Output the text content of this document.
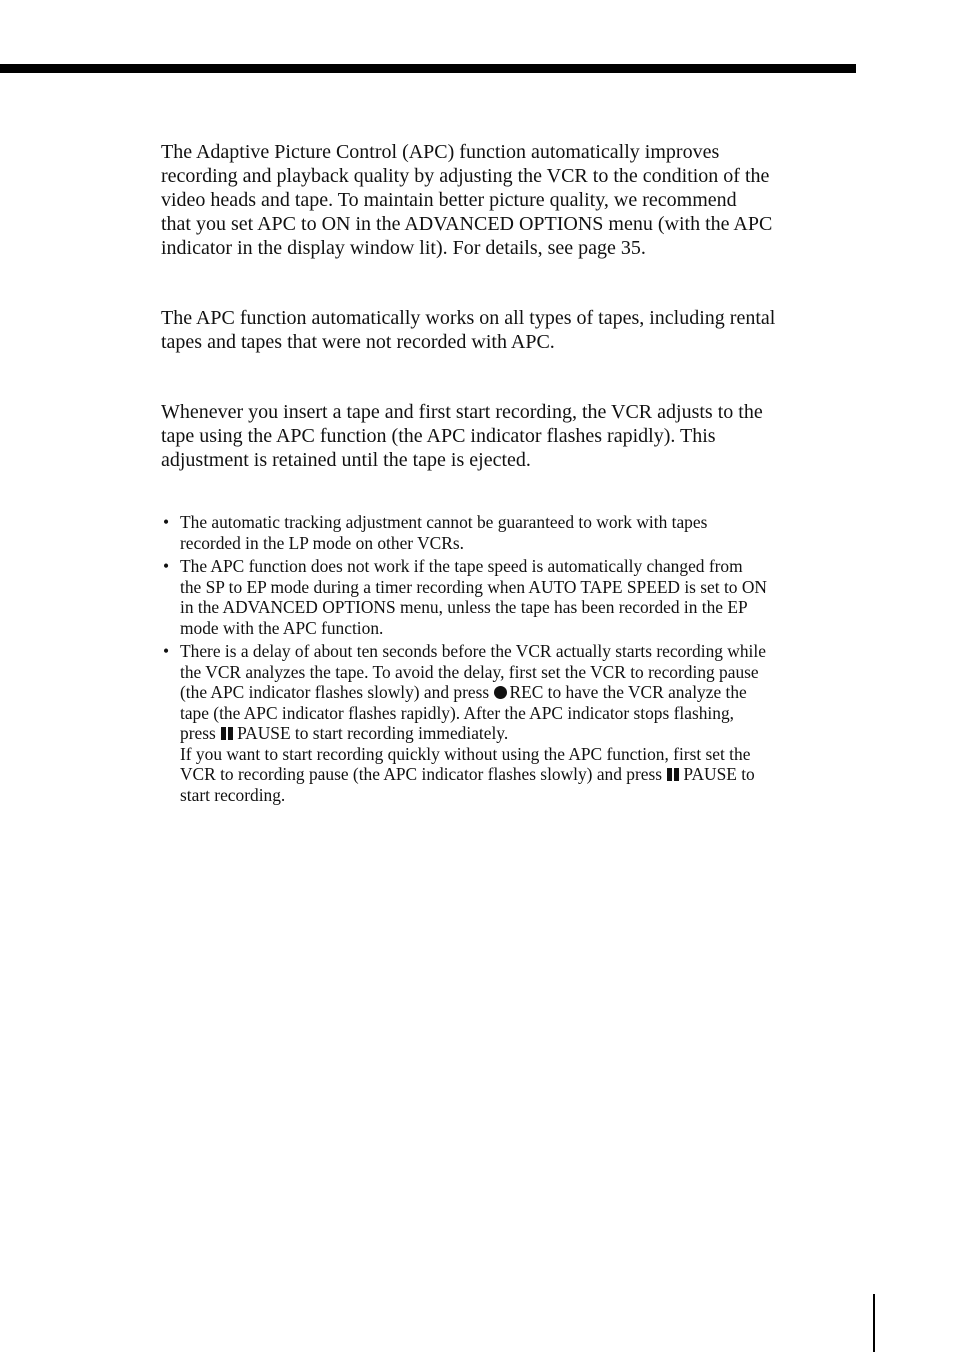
The Adaptive Picture Control (APC) function automatically improves
recording and playback quality by adjusting the VCR to the condition of the
video heads and tape. To maintain better picture quality, we recommend
that you set APC to ON in the ADVANCED OPTIONS menu (with the APC
indicator in the display window lit). For details, see page 35.
The APC function automatically works on all types of tapes, including rental
tapes and tapes that were not recorded with APC.
Whenever you insert a tape and first start recording, the VCR adjusts to the
tape using the APC function (the APC indicator flashes rapidly). This
adjustment is retained until the tape is ejected.
• The automatic tracking adjustment cannot be guaranteed to work with tapes
recorded in the LP mode on other VCRs.
• The APC function does not work if the tape speed is automatically changed from
the SP to EP mode during a timer recording when AUTO TAPE SPEED is set to ON
in the ADVANCED OPTIONS menu, unless the tape has been recorded in the EP
mode with the APC function.
• There is a delay of about ten seconds before the VCR actually starts recording while
the VCR analyzes the tape. To avoid the delay, first set the VCR to recording pause
(the APC indicator flashes slowly) and press REC to have the VCR analyze the
tape (the APC indicator flashes rapidly). After the APC indicator stops flashing,
press PAUSE to start recording immediately.
If you want to start recording quickly without using the APC function, first set the
VCR to recording pause (the APC indicator flashes slowly) and press PAUSE to
start recording.
